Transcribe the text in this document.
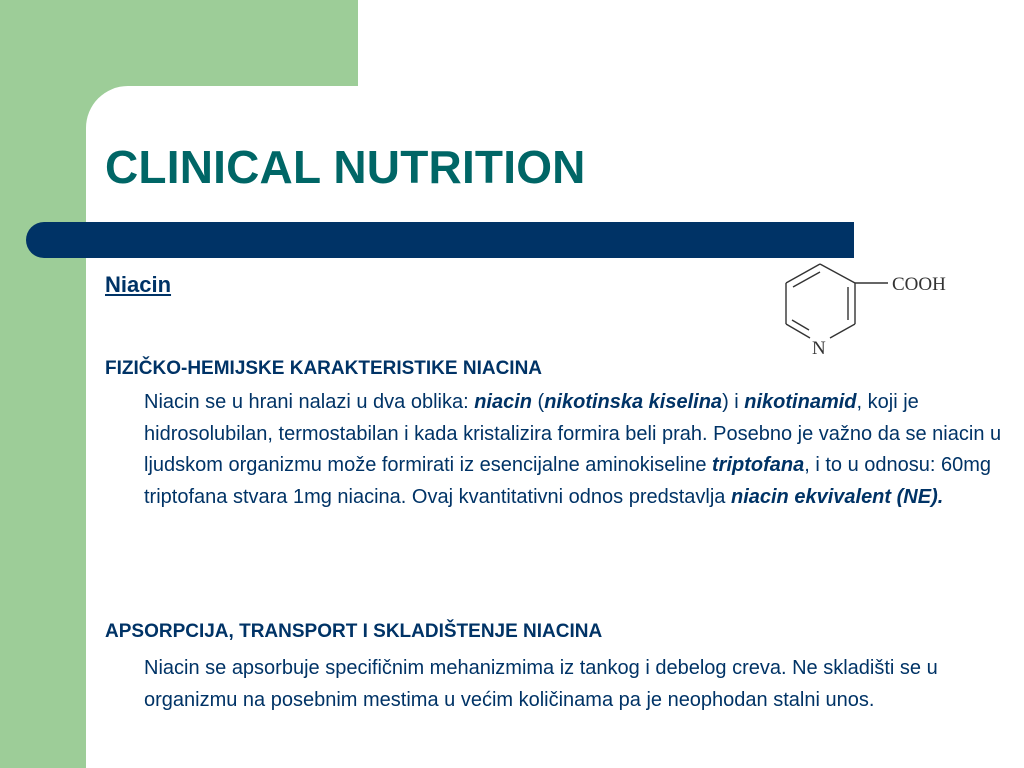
CLINICAL NUTRITION
Niacin	COOH
N
FIZIČKO-HEMIJSKE KARAKTERISTIKE NIACINA

Niacin se u hrani nalazi u dva oblika: niacin (nikotinska kiselina) i nikotinamid, koji je hidrosolubilan, termostabilan i kada kristalizira formira beli prah. Posebno je važno da se niacin u ljudskom organizmu može formirati iz esencijalne aminokiseline triptofana, i to u odnosu: 60mg triptofana stvara 1mg niacina. Ovaj kvantitativni odnos predstavlja niacin ekvivalent (NE).

APSORPCIJA, TRANSPORT I SKLADIŠTENJE NIACINA

Niacin se apsorbuje specifičnim mehanizmima iz tankog i debelog creva. Ne skladišti se u organizmu na posebnim mestima u većim količinama pa je neophodan stalni unos.
